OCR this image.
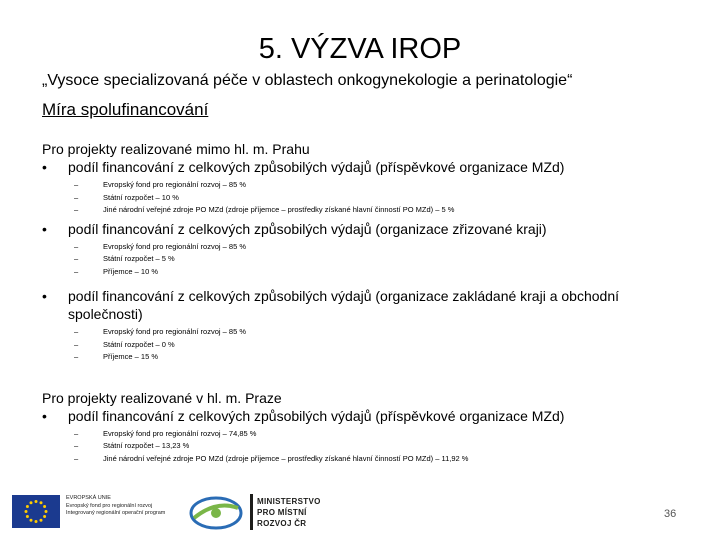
5. VÝZVA IROP
„Vysoce specializovaná péče v oblastech onkogynekologie a perinatologie“
Míra spolufinancování
Pro projekty realizované mimo hl. m. Prahu
•	podíl financování z celkových způsobilých výdajů (příspěvkové organizace MZd)
–	Evropský fond pro regionální rozvoj – 85 %
–	Státní rozpočet – 10 %
–	Jiné národní veřejné zdroje PO MZd (zdroje příjemce – prostředky získané hlavní činností PO MZd) – 5 %
•	podíl financování z celkových způsobilých výdajů (organizace zřizované kraji)
–	Evropský fond pro regionální rozvoj – 85 %
–	Státní rozpočet – 5 %
–	Příjemce – 10 %
•	podíl financování z celkových způsobilých výdajů (organizace zakládané kraji a obchodní společnosti)
–	Evropský fond pro regionální rozvoj – 85 %
–	Státní rozpočet – 0 %
–	Příjemce – 15 %
Pro projekty realizované v hl. m. Praze
•	podíl financování z celkových způsobilých výdajů (příspěvkové organizace MZd)
–	Evropský fond pro regionální rozvoj – 74,85 %
–	Státní rozpočet – 13,23 %
–	Jiné národní veřejné zdroje PO MZd (zdroje příjemce – prostředky získané hlavní činností PO MZd) – 11,92 %
EVROPSKÁ UNIE
Evropský fond pro regionální rozvoj
Integrovaný regionální operační program
MINISTERSTVO
PRO MÍSTNÍ
ROZVOJ ČR
36
